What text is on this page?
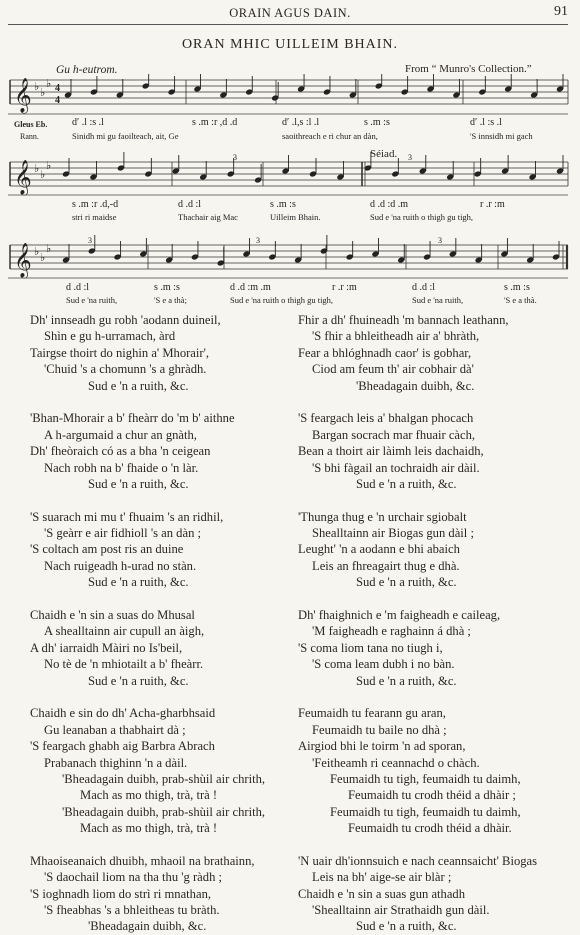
ORAIN AGUS DAIN.	91
ORAN MHIC UILLEIM BHAIN.
Gu h-eutrom.	From “ Munro's Collection.”
𝄞 ♭ ♭
♭ 4
4
Gleus Eb.
Rann.
dʹ .l :s .l	s .m :r ,d .d	dʹ .l,s :l .l	s .m :s	dʹ .l :s .l
Sinidh mi gu faoilteach, ait, Ge	saoithreach e ri chur an dàn,	'S innsidh mi gach
Séiad.
𝄞 ♭ ♭
♭
3	3
s .m :r .d,-d	d .d :l	s .m :s	d .d :d .m	r .r :m
stri ri maidse	Thachair aig Mac	Uilleim Bhain.	Sud e 'na ruith o thigh gu tigh,
𝄞 ♭ ♭
♭
3	3	3
d .d :l	s .m :s	d .d :m .m	r .r :m	d .d :l	s .m :s
Sud e 'na ruith,	'S e a thà;	Sud e 'na ruith o thigh gu tigh,	Sud e 'na ruith,	'S e a thà.
Dh' innseadh gu robh 'aodann duineil,
Shìn e gu h-urramach, àrd
Tairgse thoirt do nighin a' Mhorair',
'Chuid 's a chomunn 's a ghràdh.
Sud e 'n a ruith, &c.
'Bhan-Mhorair a b' fheàrr do 'm b' aithne
A h-argumaid a chur an gnàth,
Dh' fheòraich có as a bha 'n ceigean
Nach robh na b' fhaide o 'n làr.
Sud e 'n a ruith, &c.
'S suarach mi mu t' fhuaim 's an ridhil,
'S geàrr e air fidhioll 's an dàn ;
'S coltach am post ris an duine
Nach ruigeadh h-urad no stàn.
Sud e 'n a ruith, &c.
Chaidh e 'n sin a suas do Mhusal
A shealltainn air cupull an àigh,
A dh' iarraidh Màiri no Is'beil,
No tè de 'n mhiotailt a b' fheàrr.
Sud e 'n a ruith, &c.
Chaidh e sin do dh' Acha-gharbhsaid
Gu leanaban a thabhairt dà ;
'S feargach ghabh aig Barbra Abrach
Prabanach thighinn 'n a dàil.
'Bheadagain duibh, prab-shùil air chrith,
Mach as mo thigh, trà, trà !
'Bheadagain duibh, prab-shùil air chrith,
Mach as mo thigh, trà, trà !
Mhaoiseanaich dhuibh, mhaoil na brathainn,
'S daochail liom na tha thu 'g ràdh ;
'S ioghnadh liom do strì ri mnathan,
'S fheabhas 's a bhleitheas tu bràth.
'Bheadagain duibh, &c.
Fhir a dh' fhuineadh 'm bannach leathann,
'S fhir a bhleitheadh air a' bhràth,
Fear a bhlóghnadh caor' is gobhar,
Ciod am feum th' air cobhair dà'
'Bheadagain duibh, &c.
'S feargach leis a' bhalgan phocach
Bargan socrach mar fhuair càch,
Bean a thoirt air làimh leis dachaidh,
'S bhi fàgail an tochraidh air dàil.
Sud e 'n a ruith, &c.
'Thunga thug e 'n urchair sgiobalt
Shealltainn air Biogas gun dàil ;
Leught' 'n a aodann e bhi abaich
Leis an fhreagairt thug e dhà.
Sud e 'n a ruith, &c.
Dh' fhaighnich e 'm faigheadh e caileag,
'M faigheadh e raghainn á dhà ;
'S coma liom tana no tiugh i,
'S coma leam dubh i no bàn.
Sud e 'n a ruith, &c.
Feumaidh tu fearann gu aran,
Feumaidh tu baile no dhà ;
Airgiod bhi le toirm 'n ad sporan,
'Feitheamh ri ceannachd o chàch.
Feumaidh tu tigh, feumaidh tu daimh,
Feumaidh tu crodh théid a dhàir ;
Feumaidh tu tigh, feumaidh tu daimh,
Feumaidh tu crodh théid a dhàir.
'N uair dh'ionnsuich e nach ceannsaicht' Biogas
Leis na bh' aige-se air blàr ;
Chaidh e 'n sin a suas gun athadh
'Shealltainn air Strathaidh gun dàil.
Sud e 'n a ruith, &c.
